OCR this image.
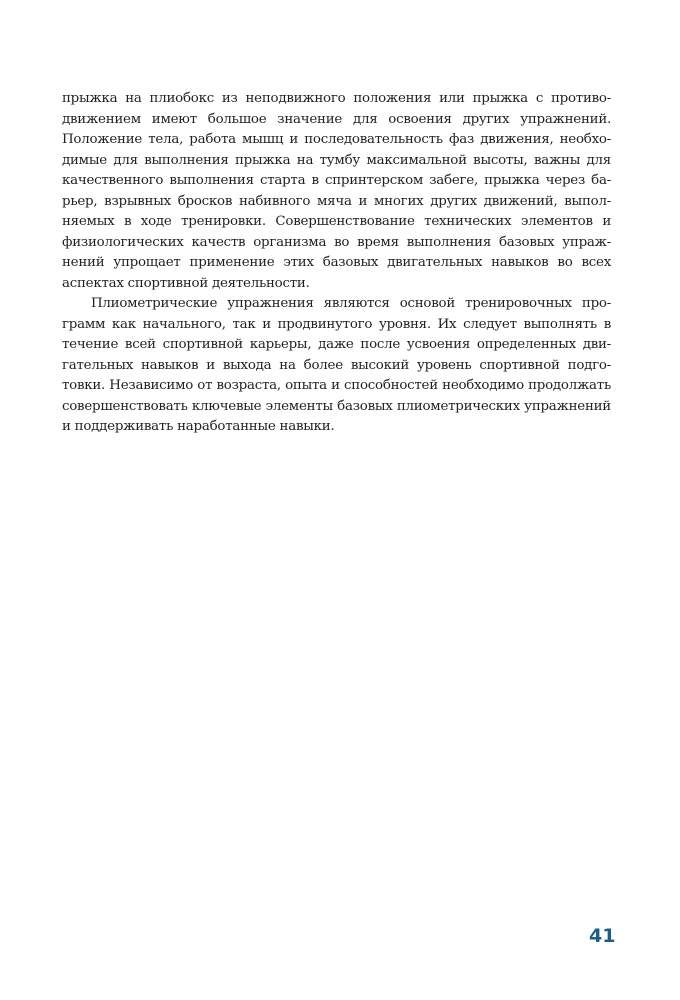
прыжка на плиобокс из неподвижного положения или прыжка с противо-
движением имеют большое значение для освоения других упражнений.
Положение тела, работа мышц и последовательность фаз движения, необхо-
димые для выполнения прыжка на тумбу максимальной высоты, важны для
качественного выполнения старта в спринтерском забеге, прыжка через ба-
рьер, взрывных бросков набивного мяча и многих других движений, выпол-
няемых в ходе тренировки. Совершенствование технических элементов и
физиологических качеств организма во время выполнения базовых упраж-
нений упрощает применение этих базовых двигательных навыков во всех
аспектах спортивной деятельности.
Плиометрические упражнения являются основой тренировочных про-
грамм как начального, так и продвинутого уровня. Их следует выполнять в
течение всей спортивной карьеры, даже после усвоения определенных дви-
гательных навыков и выхода на более высокий уровень спортивной подго-
товки. Независимо от возраста, опыта и способностей необходимо продолжать
совершенствовать ключевые элементы базовых плиометрических упражнений
и поддерживать наработанные навыки.
41
